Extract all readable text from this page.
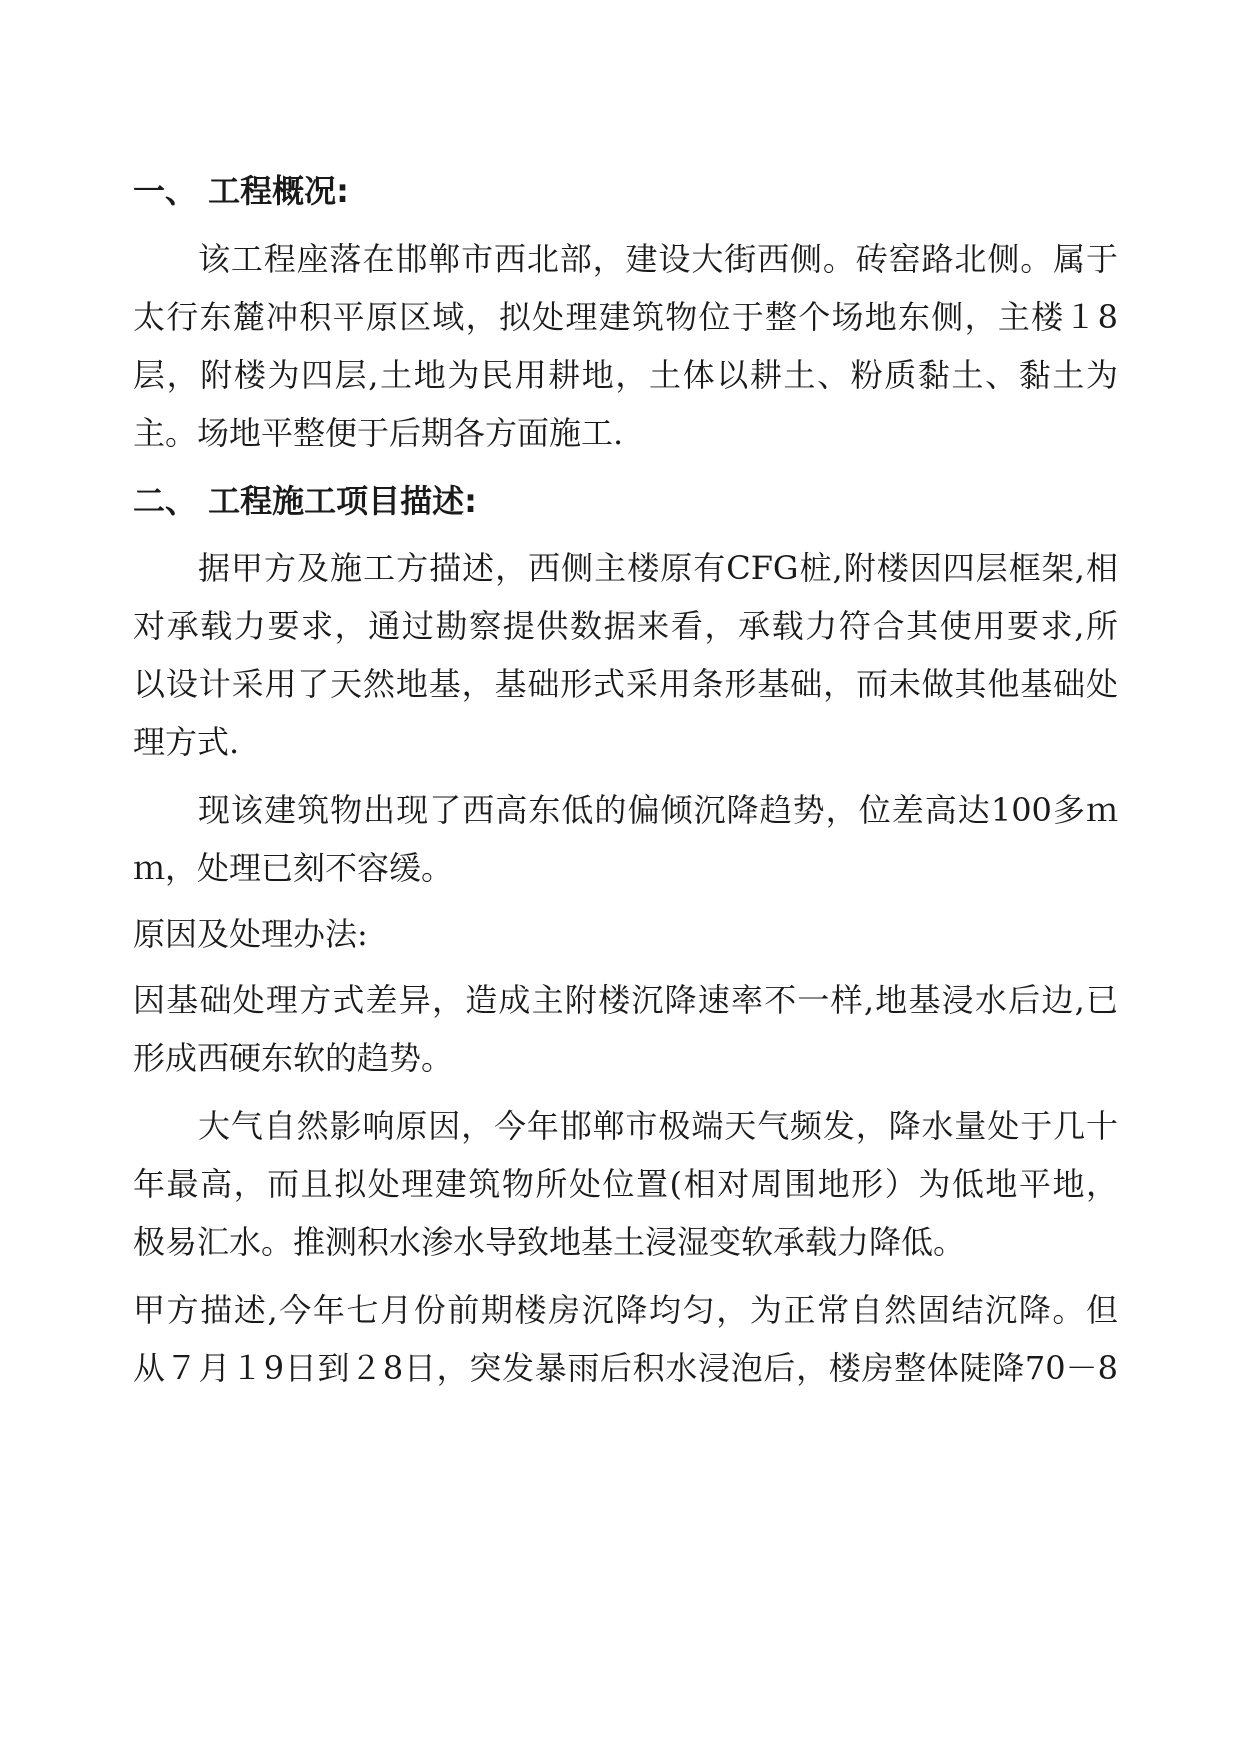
一、 工程概况:
该工程座落在邯郸市西北部，建设大街西侧。砖窑路北侧。属于
太行东麓冲积平原区域，拟处理建筑物位于整个场地东侧，主楼１8
层，附楼为四层,土地为民用耕地，土体以耕土、粉质黏土、黏土为
主。场地平整便于后期各方面施工.
二、 工程施工项目描述:
据甲方及施工方描述，西侧主楼原有CFG桩,附楼因四层框架,相
对承载力要求，通过勘察提供数据来看，承载力符合其使用要求,所
以设计采用了天然地基，基础形式采用条形基础，而未做其他基础处
理方式.
现该建筑物出现了西高东低的偏倾沉降趋势，位差高达100多ｍ
ｍ，处理已刻不容缓。
原因及处理办法:
因基础处理方式差异，造成主附楼沉降速率不一样,地基浸水后边,已
形成西硬东软的趋势。
大气自然影响原因，今年邯郸市极端天气频发，降水量处于几十
年最高，而且拟处理建筑物所处位置(相对周围地形）为低地平地，
极易汇水。推测积水渗水导致地基土浸湿变软承载力降低。
甲方描述,今年七月份前期楼房沉降均匀，为正常自然固结沉降。但
从７月１9日到２8日，突发暴雨后积水浸泡后，楼房整体陡降70－8
